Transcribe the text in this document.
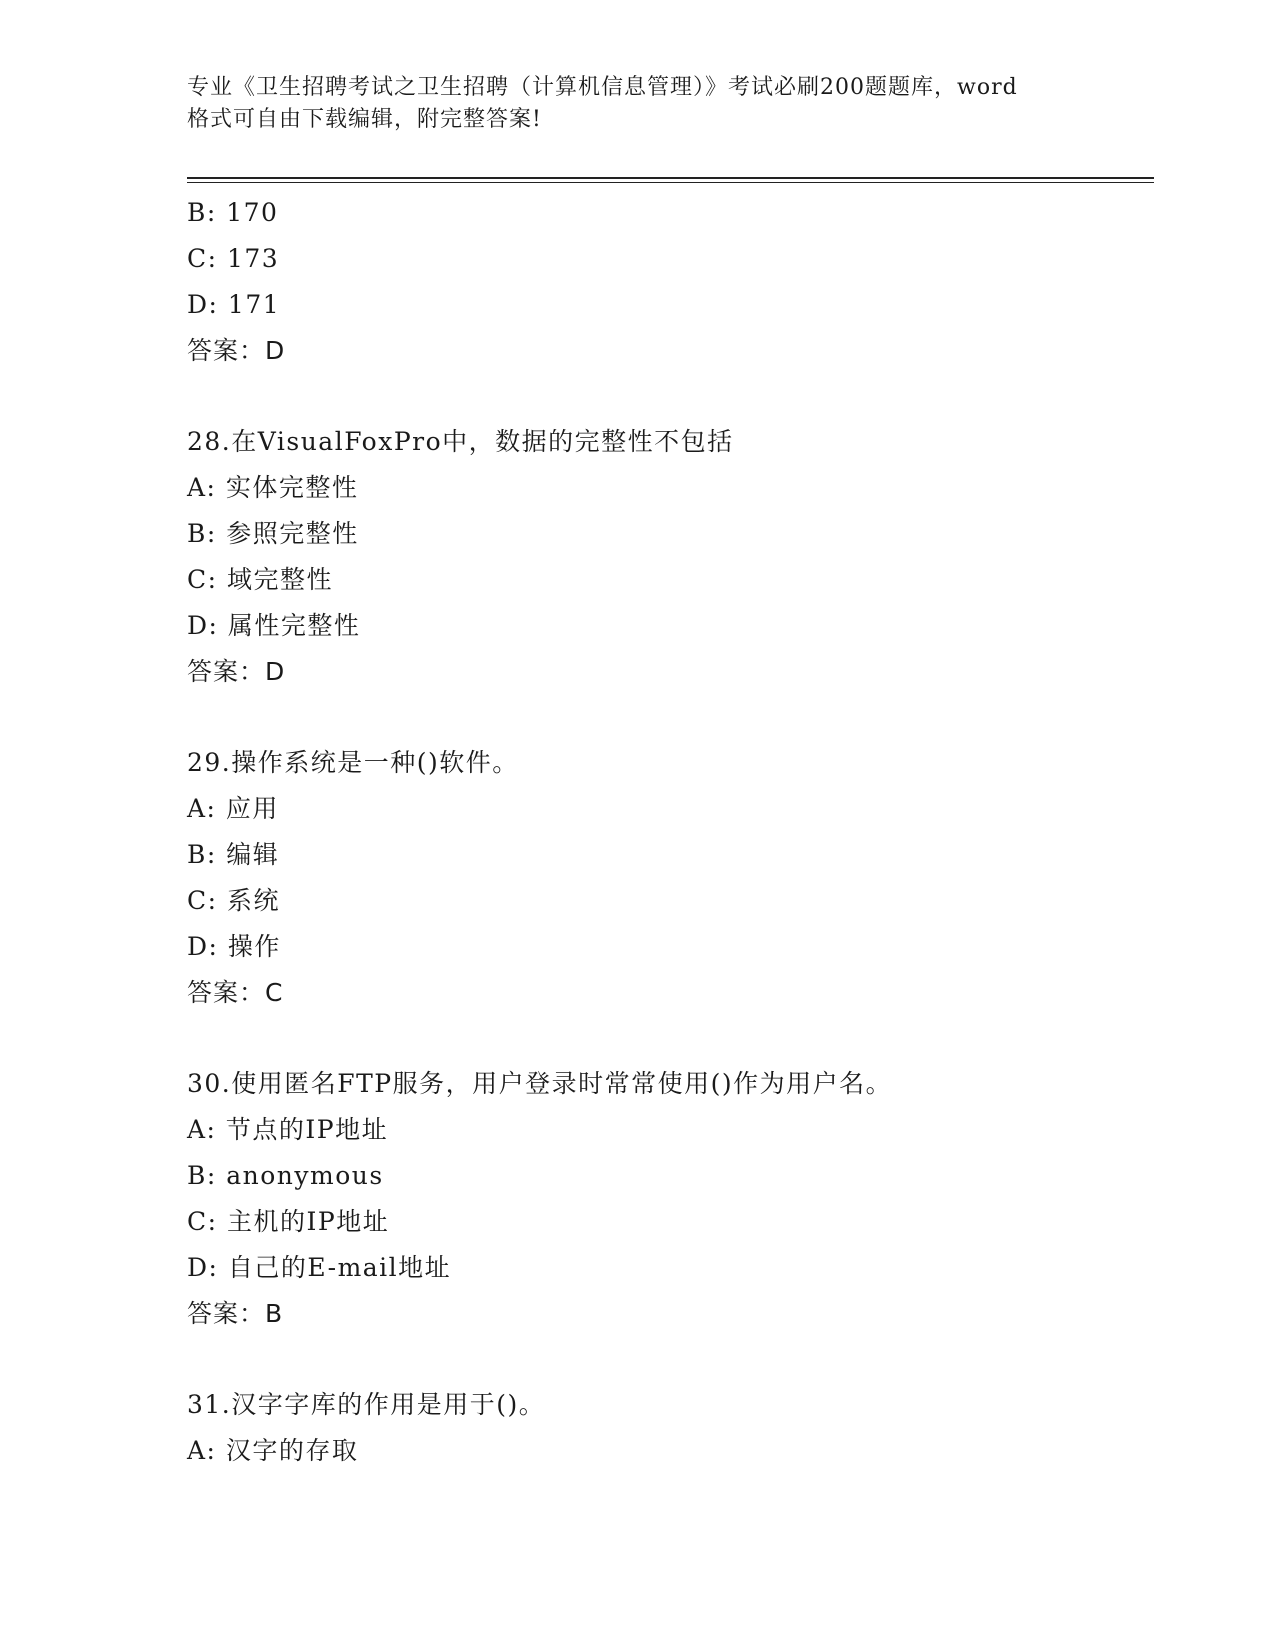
专业《卫生招聘考试之卫生招聘（计算机信息管理）》考试必刷200题题库，word
格式可自由下载编辑，附完整答案!
B: 170
C: 173
D: 171
答案：D
28.在VisualFoxPro中，数据的完整性不包括
A: 实体完整性
B: 参照完整性
C: 域完整性
D: 属性完整性
答案：D
29.操作系统是一种()软件。
A: 应用
B: 编辑
C: 系统
D: 操作
答案：C
30.使用匿名FTP服务，用户登录时常常使用()作为用户名。
A: 节点的IP地址
B: anonymous
C: 主机的IP地址
D: 自己的E-mail地址
答案：B
31.汉字字库的作用是用于()。
A: 汉字的存取
